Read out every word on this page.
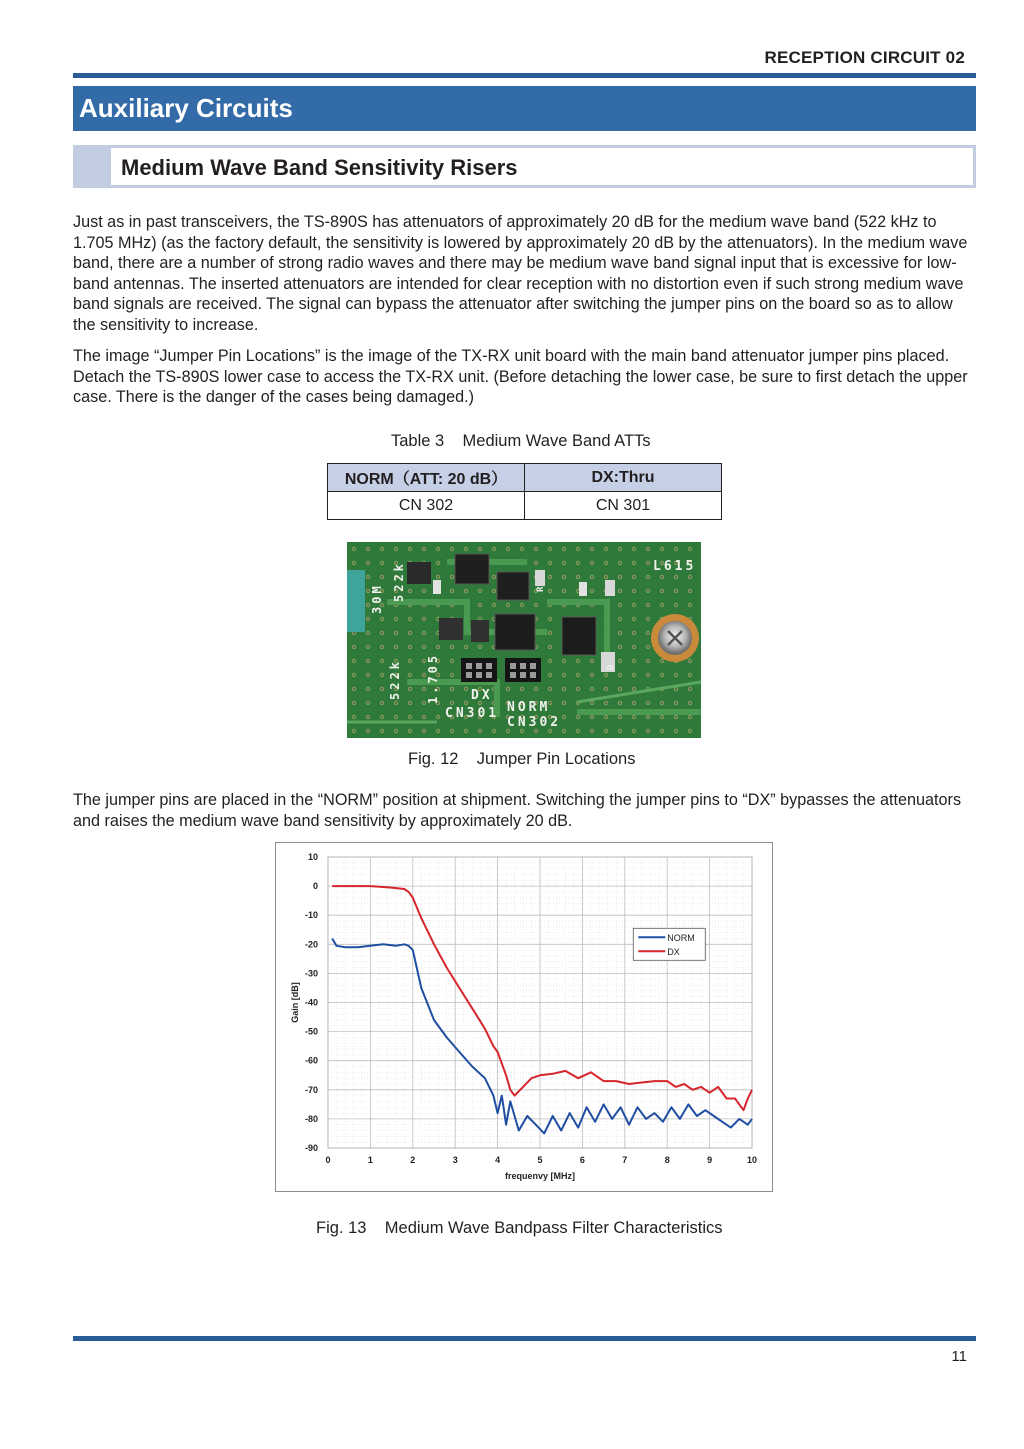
RECEPTION CIRCUIT 02
Auxiliary Circuits
Medium Wave Band Sensitivity Risers

Just as in past transceivers, the TS-890S has attenuators of approximately 20 dB for the medium wave band (522 kHz to 1.705 MHz) (as the factory default, the sensitivity is lowered by approximately 20 dB by the attenuators). In the medium wave band, there are a number of strong radio waves and there may be medium wave band signal input that is excessive for low-band antennas. The inserted attenuators are intended for clear reception with no distortion even if such strong medium wave band signals are received. The signal can bypass the attenuator after switching the jumper pins on the board so as to allow the sensitivity to increase.

The image “Jumper Pin Locations” is the image of the TX-RX unit board with the main band attenuator jumper pins placed. Detach the TS-890S lower case to access the TX-RX unit. (Before detaching the lower case, be sure to first detach the upper case. There is the danger of the cases being damaged.)

Table 3    Medium Wave Band ATTs
NORM（ATT: 20 dB）	DX:Thru
CN 302	CN 301
L615
30M 522k
522k 1.705 DX
CN301 NORM
CN302
R
D
Fig. 12    Jumper Pin Locations

The jumper pins are placed in the “NORM” position at shipment. Switching the jumper pins to “DX” bypasses the attenuators and raises the medium wave band sensitivity by approximately 20 dB.

0	1	2	3	4	5	6	7	8	9	10
10
0
-10
-20
-30
-40
-50
-60
-70
-80
-90
frequenvy [MHz]
Gain [dB]
NORM
DX
Fig. 13    Medium Wave Bandpass Filter Characteristics
11
